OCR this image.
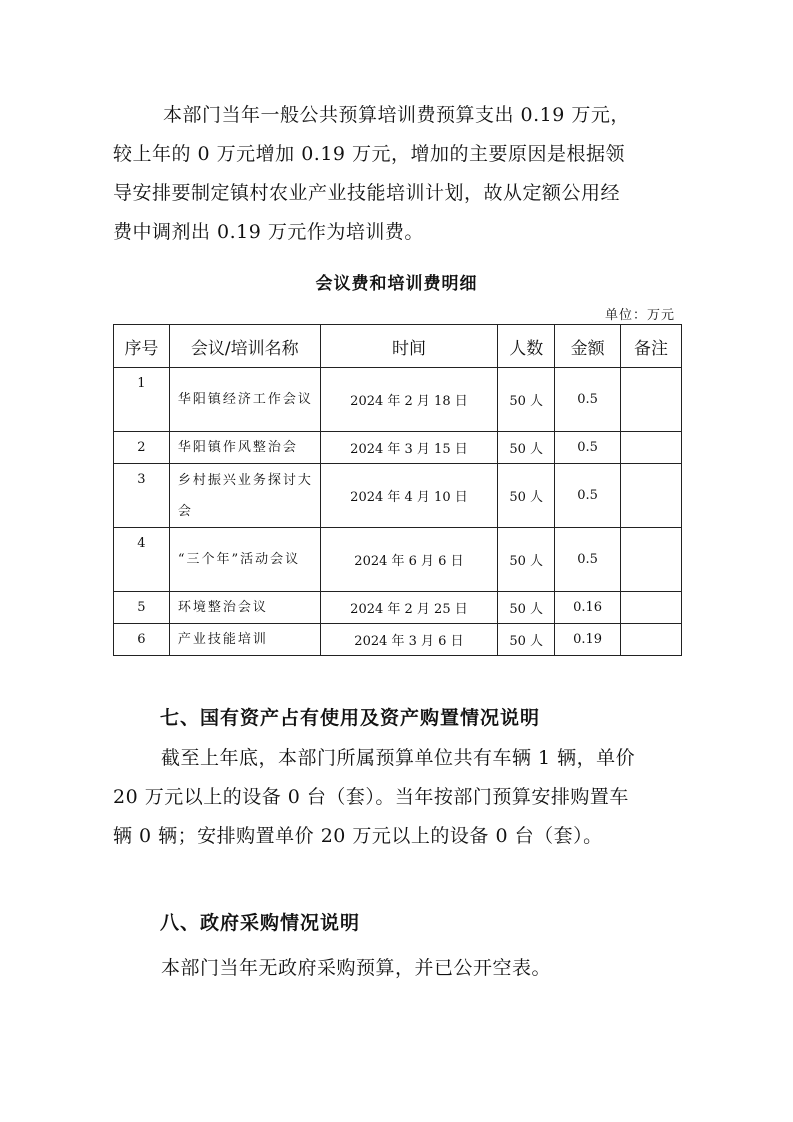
本部门当年一般公共预算培训费预算支出 0.19 万元，
较上年的 0 万元增加 0.19 万元，增加的主要原因是根据领
导安排要制定镇村农业产业技能培训计划，故从定额公用经
费中调剂出 0.19 万元作为培训费。
会议费和培训费明细
单位：万元
序号	会议/培训名称	时间	人数	金额	备注
1	华阳镇经济工作会议	2024 年 2 月 18 日	50 人	0.5	
2	华阳镇作风整治会	2024 年 3 月 15 日	50 人	0.5	
3	乡村振兴业务探讨大会	2024 年 4 月 10 日	50 人	0.5	
4	“三个年”活动会议	2024 年 6 月 6 日	50 人	0.5	
5	环境整治会议	2024 年 2 月 25 日	50 人	0.16	
6	产业技能培训	2024 年 3 月 6 日	50 人	0.19	
七、国有资产占有使用及资产购置情况说明
截至上年底，本部门所属预算单位共有车辆 1 辆，单价
20 万元以上的设备 0 台（套）。当年按部门预算安排购置车
辆 0 辆；安排购置单价 20 万元以上的设备 0 台（套）。
八、政府采购情况说明
本部门当年无政府采购预算，并已公开空表。
